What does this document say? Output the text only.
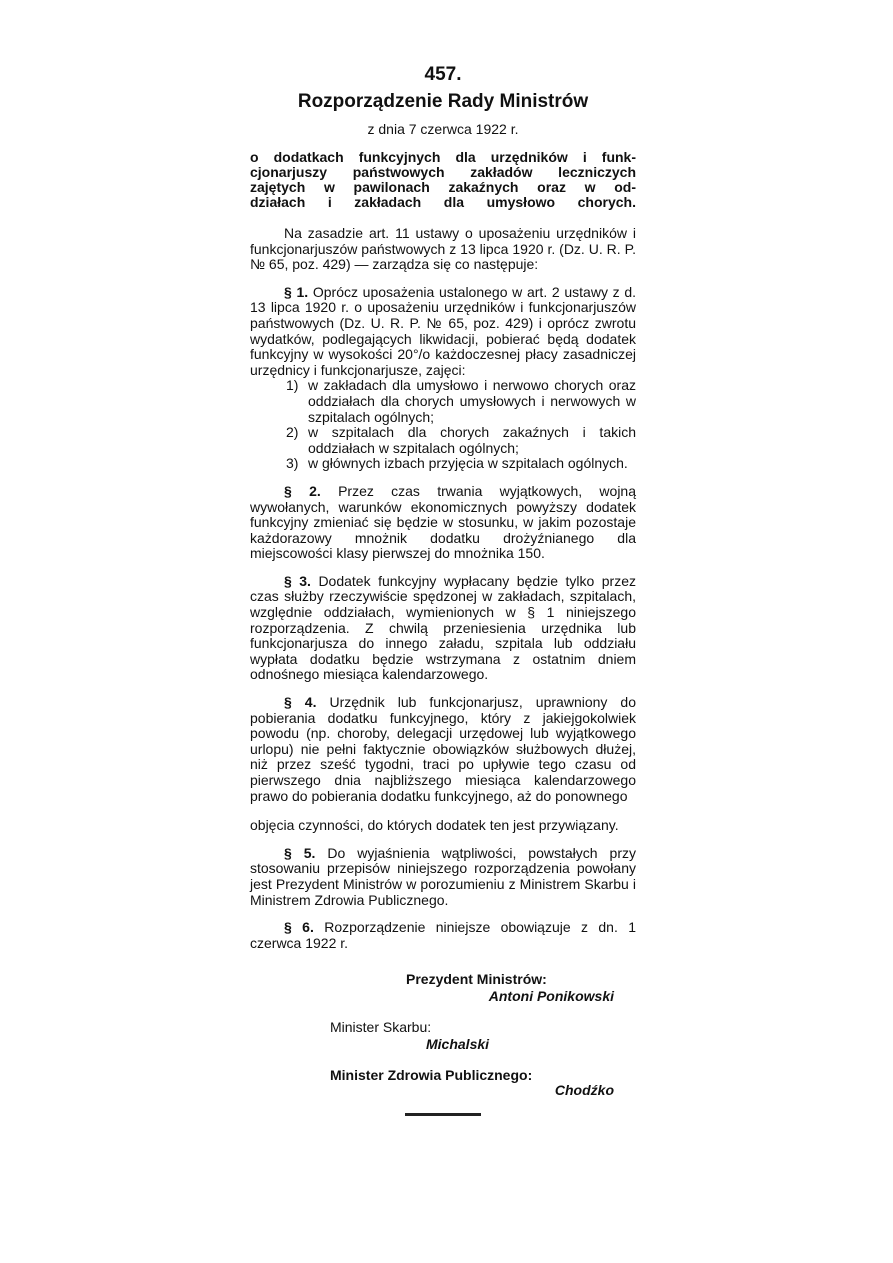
457.
Rozporządzenie Rady Ministrów
z dnia 7 czerwca 1922 r.
o dodatkach funkcyjnych dla urzędników i funk-
cjonarjuszy państwowych zakładów leczniczych
zajętych w pawilonach zakaźnych oraz w od-
działach i zakładach dla umysłowo chorych.

Na zasadzie art. 11 ustawy o uposażeniu urzędników i funkcjonarjuszów państwowych z 13 lipca 1920 r. (Dz. U. R. P. № 65, poz. 429) — zarządza się co następuje:

§ 1. Oprócz uposażenia ustalonego w art. 2 ustawy z d. 13 lipca 1920 r. o uposażeniu urzędników i funkcjonarjuszów państwowych (Dz. U. R. P. № 65, poz. 429) i oprócz zwrotu wydatków, podlegających likwidacji, pobierać będą dodatek funkcyjny w wysokości 20°/o każdoczesnej płacy zasadniczej urzędnicy i funkcjonarjusze, zajęci:

1) w zakładach dla umysłowo i nerwowo chorych oraz oddziałach dla chorych umysłowych i nerwowych w szpitalach ogólnych;
2) w szpitalach dla chorych zakaźnych i takich oddziałach w szpitalach ogólnych;
3) w głównych izbach przyjęcia w szpitalach ogólnych.

§ 2. Przez czas trwania wyjątkowych, wojną wywołanych, warunków ekonomicznych powyższy dodatek funkcyjny zmieniać się będzie w stosunku, w jakim pozostaje każdorazowy mnożnik dodatku drożyźnianego dla miejscowości klasy pierwszej do mnożnika 150.

§ 3. Dodatek funkcyjny wypłacany będzie tylko przez czas służby rzeczywiście spędzonej w zakładach, szpitalach, względnie oddziałach, wymienionych w § 1 niniejszego rozporządzenia. Z chwilą przeniesienia urzędnika lub funkcjonarjusza do innego załadu, szpitala lub oddziału wypłata dodatku będzie wstrzymana z ostatnim dniem odnośnego miesiąca kalendarzowego.

§ 4. Urzędnik lub funkcjonarjusz, uprawniony do pobierania dodatku funkcyjnego, który z jakiejgokolwiek powodu (np. choroby, delegacji urzędowej lub wyjątkowego urlopu) nie pełni faktycznie obowiązków służbowych dłużej, niż przez sześć tygodni, traci po upływie tego czasu od pierwszego dnia najbliższego miesiąca kalendarzowego prawo do pobierania dodatku funkcyjnego, aż do ponownego

objęcia czynności, do których dodatek ten jest przywiązany.

§ 5. Do wyjaśnienia wątpliwości, powstałych przy stosowaniu przepisów niniejszego rozporządzenia powołany jest Prezydent Ministrów w porozumieniu z Ministrem Skarbu i Ministrem Zdrowia Publicznego.

§ 6. Rozporządzenie niniejsze obowiązuje z dn. 1 czerwca 1922 r.

Prezydent Ministrów:
Antoni Ponikowski
Minister Skarbu:
Michalski
Minister Zdrowia Publicznego:
Chodźko
